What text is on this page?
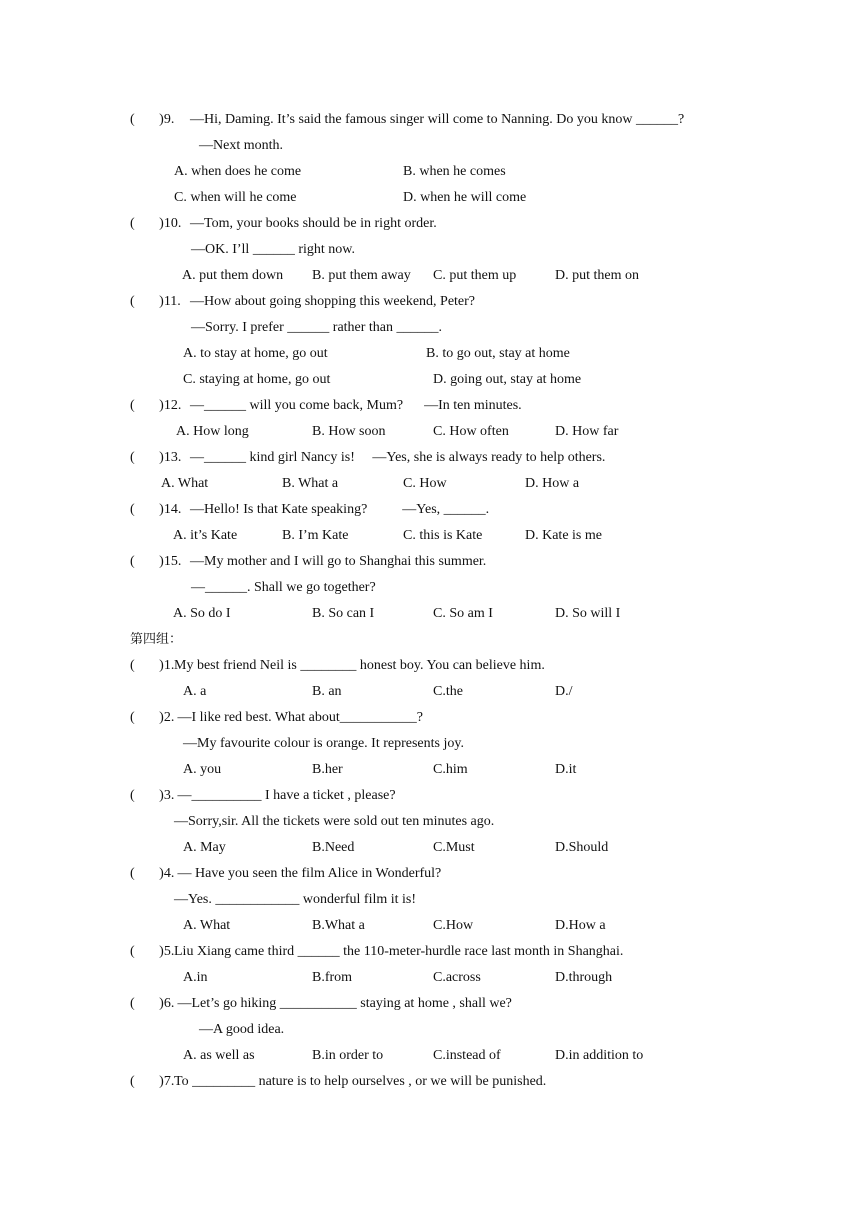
(       )9. —Hi, Daming. It’s said the famous singer will come to Nanning. Do you know ______?
—Next month.
A. when does he come	B. when he comes
C. when will he come	D. when he will come
(       )10. —Tom, your books should be in right order.
—OK. I’ll ______ right now.
A. put them down B. put them away C. put them up	D. put them on
(       )11. —How about going shopping this weekend, Peter?
—Sorry. I prefer ______ rather than ______.
A. to stay at home, go out	B. to go out, stay at home
C. staying at home, go out	D. going out, stay at home
(       )12. —______ will you come back, Mum?      —In ten minutes.
A. How long	B. How soon	C. How often	D. How far
(       )13. —______ kind girl Nancy is!     —Yes, she is always ready to help others.
A. What	B. What a	C. How	D. How a
(       )14. —Hello! Is that Kate speaking?          —Yes, ______.
A. it’s Kate	B. I’m Kate	C. this is Kate	D. Kate is me
(       )15. —My mother and I will go to Shanghai this summer.
—______. Shall we go together?
A. So do I	B. So can I	C. So am I	D. So will I
第四组：
(       )1. My best friend Neil is ________ honest boy. You can believe him.
A. a	B. an	C.the	D./
(       )2. —I like red best. What about___________?
—My favourite colour is orange. It represents joy.
A. you	B.her	C.him	D.it
(       )3. —__________ I have a ticket , please?
—Sorry,sir. All the tickets were sold out ten minutes ago.
A. May	B.Need	C.Must	D.Should
(       )4. — Have you seen the film Alice in Wonderful?
—Yes. ____________ wonderful film it is!
A. What	B.What a	C.How	D.How a
(       )5. Liu Xiang came third ______ the 110-meter-hurdle race last month in Shanghai.
A.in	B.from	C.across	D.through
(       )6. —Let’s go hiking ___________ staying at home , shall we?
—A good idea.
A. as well as	B.in order to	C.instead of	D.in addition to
(       )7. To _________ nature is to help ourselves , or we will be punished.
